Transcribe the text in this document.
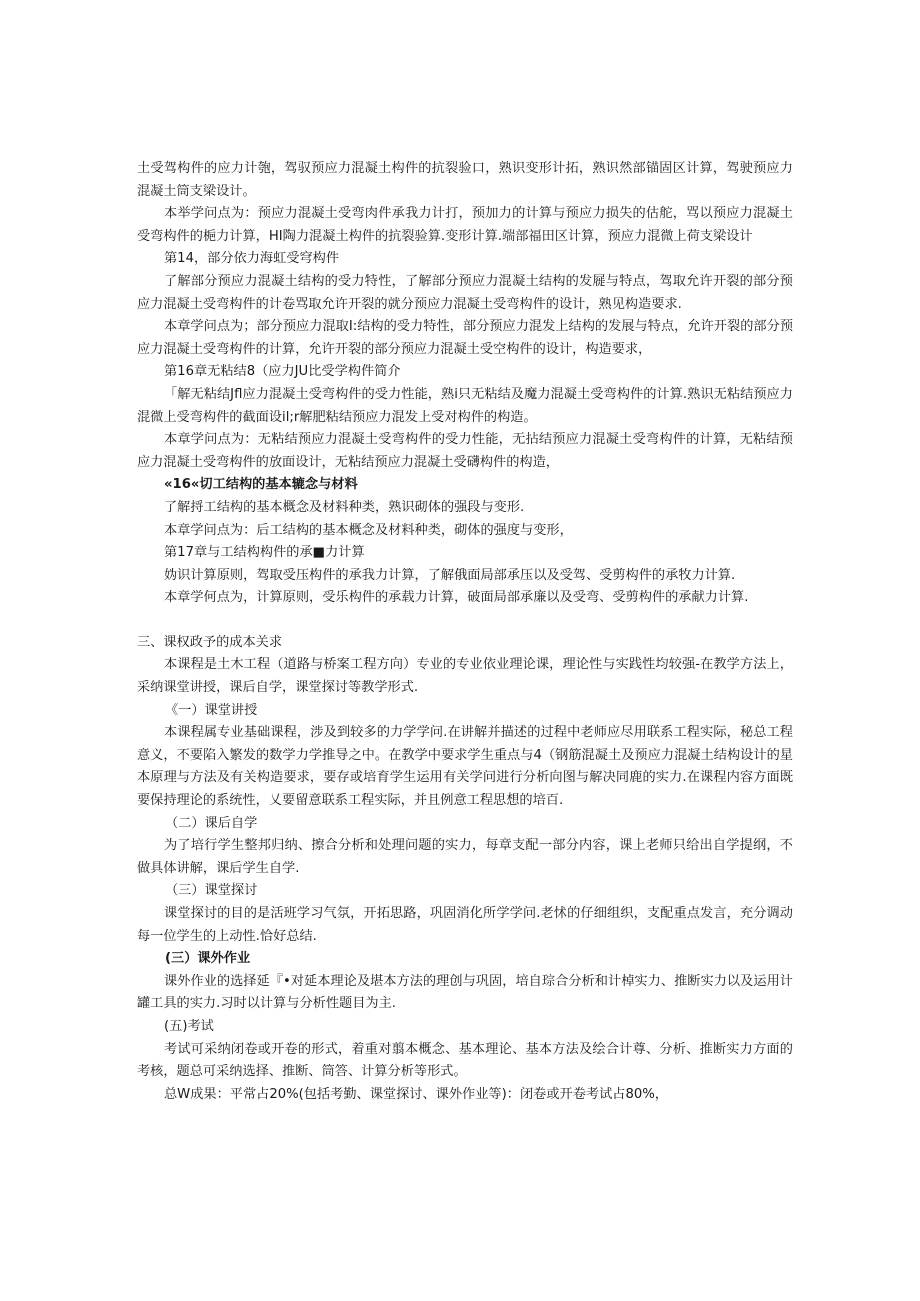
土受驾构件的应力计匏，驾驭预应力混凝土构件的抗裂验口，熟识变形计拓，熟识然部锚固区计算，驾驶预应力混凝土筒支梁设计。

本举学问点为：预应力混凝土受弯肉件承我力计打，预加力的计算与预应力损失的估舵，骂以预应力混凝土受弯构件的梔力计算，HI陶力混凝土构件的抗裂验算.变形计算.端部福田区计算，预应力混微上荷支梁设计

第14，部分依力海虹受穹构件

了解部分预应力混凝土结构的受力特性，了解部分预应力混凝土结构的发屣与特点，驾取允许开裂的部分预应力混凝土受弯构件的计卷骂取允许开裂的就分预应力混凝土受弯构件的设计，熟见构造要求.

本章学问点为；部分预应力混取I:结构的受力特性，部分预应力混发上结构的发展与特点，允许开裂的部分预应力混凝土受弯构件的计算，允许开裂的部分预应力混凝土受空构件的设计，构造要求，

第16章无粘结8（应力JU比受学构件简介

「解无粘结Jfl应力混凝土受弯构件的受力性能，熟i只无粘结及魔力混凝土受弯构件的计算.熟识无粘结预应力混微上受弯构件的截面设il;r解肥粘结预应力混发上受对构件的构造。

本章学问点为：无粘结预应力混凝土受弯构件的受力性能，无拈结预应力混凝土受弯构件的计算，无粘结预应力混凝土受弯构件的放面设计，无粘结预应力混凝土受礴构件的构造，

«16«切工结构的基本辘念与材料

了解捋工结构的基本概念及材料种类，熟识砌体的强段与变形.

本章学问点为：后工结构的基本概念及材料种类，砌体的强度与变形，

第17章与工结构构件的承■力计算

妫识计算原则，驾取受压构件的承我力计算，了解俄面局部承压以及受驾、受剪构件的承牧力计算.

本章学何点为，计算原则，受乐构件的承载力计算，破面局部承廉以及受弯、受剪构件的承献力计算.

三、课权政予的成本关求

本课程是土木工程（道路与桥案工程方向）专业的专业依业理论课，理论性与实践性均较强-在教学方法上，采纳课堂讲授，课后自学，课堂探讨等教学形式.

《一）课堂讲授

本课程属专业基础课程，涉及到较多的力学学问.在讲解并描述的过程中老师应尽用联系工程实际，秘总工程意义，不要陷入繁发的数学力学推导之中。在教学中要求学生重点与4（钢筋混凝土及预应力混凝土结构设计的星本原理与方法及有关构造要求，要存或培育学生运用有关学问进行分析向图与解决同鹿的实力.在课程内容方面既要保持理论的系统性，乂要留意联系工程实际，并且例意工程思想的培百.

（二）课后自学

为了培行学生整邦归纳、擦合分析和处理问题的实力，每章支配一部分内容，课上老师只给出自学提纲，不做具体讲解，课后学生自学.

（三）课堂探讨

课堂探讨的目的是活班学习气氛，开拓思路，巩固消化所学学问.老怵的仔细组织，支配重点发言，充分调动每一位学生的上动性.恰好总结.

(三）课外作业

课外作业的选择延『•对延本理论及堪本方法的理创与巩固，培自琮合分析和计棹实力、推断实力以及运用计罐工具的实力.习时以计算与分析性题目为主.

(五)考试

考试可采纳闭卷或开卷的形式，着重对翦本概念、基本理论、基本方法及绘合计尊、分析、推断实力方面的考核，题总可采纳选择、推断、筒答、计算分析等形式。

总W成果：平常占20%(包括考勤、课堂探讨、课外作业等)：闭卷或开卷考试占80%，
